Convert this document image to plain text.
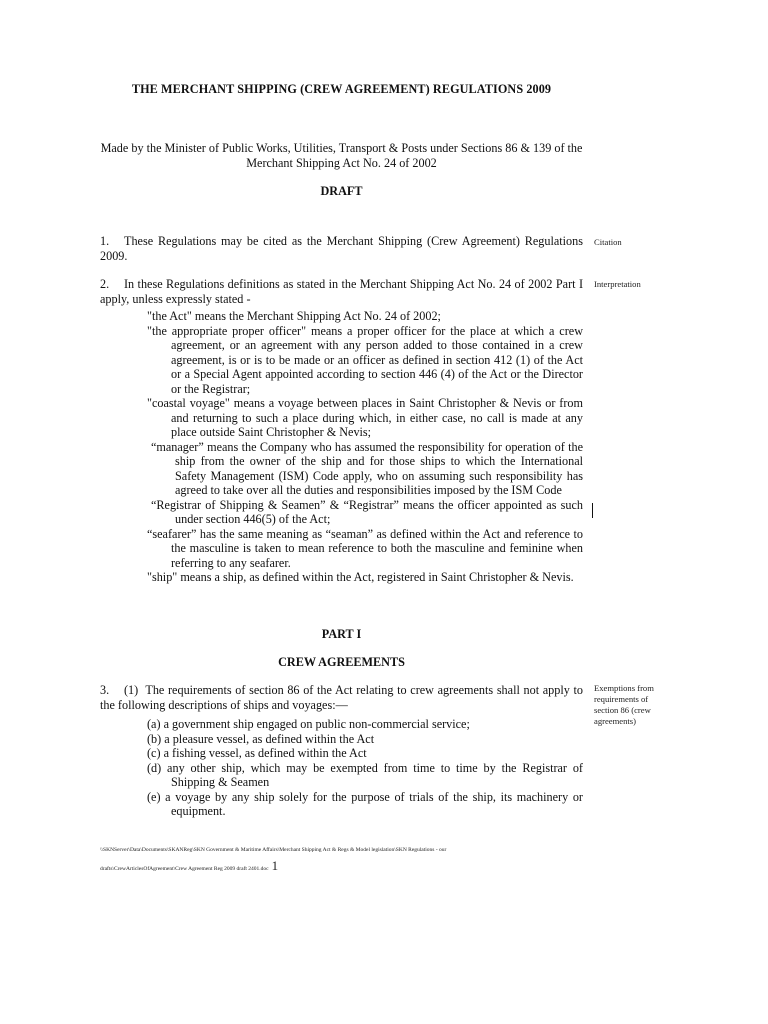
THE MERCHANT SHIPPING (CREW AGREEMENT) REGULATIONS 2009
Made by the Minister of Public Works, Utilities, Transport & Posts under Sections 86 & 139 of the Merchant Shipping Act No. 24 of 2002
DRAFT
1. These Regulations may be cited as the Merchant Shipping (Crew Agreement) Regulations 2009.
Citation
2. In these Regulations definitions as stated in the Merchant Shipping Act No. 24 of 2002 Part I apply, unless expressly stated -
Interpretation
"the Act" means the Merchant Shipping Act No. 24 of 2002;
"the appropriate proper officer" means a proper officer for the place at which a crew agreement, or an agreement with any person added to those contained in a crew agreement, is or is to be made or an officer as defined in section 412 (1) of the Act or a Special Agent appointed according to section 446 (4) of the Act or the Director or the Registrar;
"coastal voyage" means a voyage between places in Saint Christopher & Nevis or from and returning to such a place during which, in either case, no call is made at any place outside Saint Christopher & Nevis;
“manager” means the Company who has assumed the responsibility for operation of the ship from the owner of the ship and for those ships to which the International Safety Management (ISM) Code apply, who on assuming such responsibility has agreed to take over all the duties and responsibilities imposed by the ISM Code
“Registrar of Shipping & Seamen” & “Registrar” means the officer appointed as such under section 446(5) of the Act;
“seafarer” has the same meaning as “seaman” as defined within the Act and reference to the masculine is taken to mean reference to both the masculine and feminine when referring to any seafarer.
"ship" means a ship, as defined within the Act, registered in Saint Christopher & Nevis.
PART I
CREW AGREEMENTS
3. (1) The requirements of section 86 of the Act relating to crew agreements shall not apply to the following descriptions of ships and voyages:—
Exemptions from requirements of section 86 (crew agreements)
(a) a government ship engaged on public non-commercial service;
(b) a pleasure vessel, as defined within the Act
(c) a fishing vessel, as defined within the Act
(d) any other ship, which may be exempted from time to time by the Registrar of Shipping & Seamen
(e) a voyage by any ship solely for the purpose of trials of the ship, its machinery or equipment.
\\SKNServer\Data\Documents\SKANReg\SKN Government & Maritime Affairs\Merchant Shipping Act & Regs & Model legislation\SKN Regulations - our
drafts\CrewArticlesOfAgreement\Crew Agreement Reg 2009 draft 2401.doc 1
